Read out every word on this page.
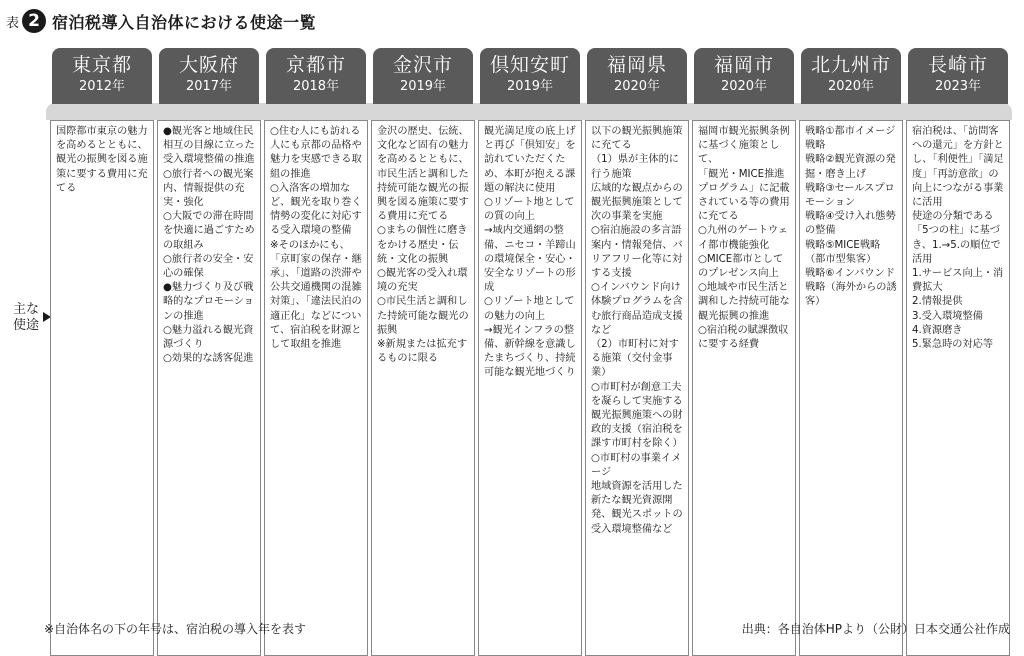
表 2 宿泊税導入自治体における使途一覧
主な
使途
東京都
2012年
国際都市東京の魅力を高めるとともに、観光の振興を図る施策に要する費用に充てる
大阪府
2017年
●観光客と地域住民相互の目線に立った受入環境整備の推進
○旅行者への観光案内、情報提供の充実・強化
○大阪での滞在時間を快適に過ごすための取組み
○旅行者の安全・安心の確保
●魅力づくり及び戦略的なプロモーションの推進
○魅力溢れる観光資源づくり
○効果的な誘客促進
京都市
2018年
○住む人にも訪れる人にも京都の品格や魅力を実感できる取組の推進
○入洛客の増加など、観光を取り巻く情勢の変化に対応する受入環境の整備
※そのほかにも、「京町家の保存・継承」、「道路の渋滞や公共交通機関の混雑対策」、「違法民泊の適正化」などについて、宿泊税を財源として取組を推進
金沢市
2019年
金沢の歴史、伝統、文化など固有の魅力を高めるとともに、市民生活と調和した持続可能な観光の振興を図る施策に要する費用に充てる
○まちの個性に磨きをかける歴史・伝統・文化の振興
○観光客の受入れ環境の充実
○市民生活と調和した持続可能な観光の振興
※新規または拡充するものに限る
倶知安町
2019年
観光満足度の底上げと再び「倶知安」を訪れていただくため、本町が抱える課題の解決に使用
○リゾート地としての質の向上
→域内交通網の整備、ニセコ・羊蹄山の環境保全・安心・安全なリゾートの形成
○リゾート地としての魅力の向上
→観光インフラの整備、新幹線を意識したまちづくり、持続可能な観光地づくり
福岡県
2020年
以下の観光振興施策に充てる
（1）県が主体的に行う施策
広域的な観点からの観光振興施策として次の事業を実施
○宿泊施設の多言語案内・情報発信、バリアフリー化等に対する支援
○インバウンド向け体験プログラムを含む旅行商品造成支援など
（2）市町村に対する施策（交付金事業）
○市町村が創意工夫を凝らして実施する観光振興施策への財政的支援（宿泊税を課す市町村を除く）
○市町村の事業イメージ
地域資源を活用した新たな観光資源開発、観光スポットの受入環境整備など
福岡市
2020年
福岡市観光振興条例に基づく施策として、
「観光・MICE推進プログラム」に記載されている等の費用に充てる
○九州のゲートウェイ都市機能強化
○MICE都市としてのプレゼンス向上
○地域や市民生活と調和した持続可能な観光振興の推進
○宿泊税の賦課徴収に要する経費
北九州市
2020年
戦略①都市イメージ戦略
戦略②観光資源の発掘・磨き上げ
戦略③セールスプロモーション
戦略④受け入れ態勢の整備
戦略⑤MICE戦略（都市型集客）
戦略⑥インバウンド戦略（海外からの誘客）
長崎市
2023年
宿泊税は、「訪問客への還元」を方針とし、「利便性」「満足度」「再訪意欲」の向上につながる事業に活用
使途の分類である「5つの柱」に基づき、1.→5.の順位で活用
1.サービス向上・消費拡大
2.情報提供
3.受入環境整備
4.資源磨き
5.緊急時の対応等
※自治体名の下の年号は、宿泊税の導入年を表す	出典：各自治体HPより（公財）日本交通公社作成
